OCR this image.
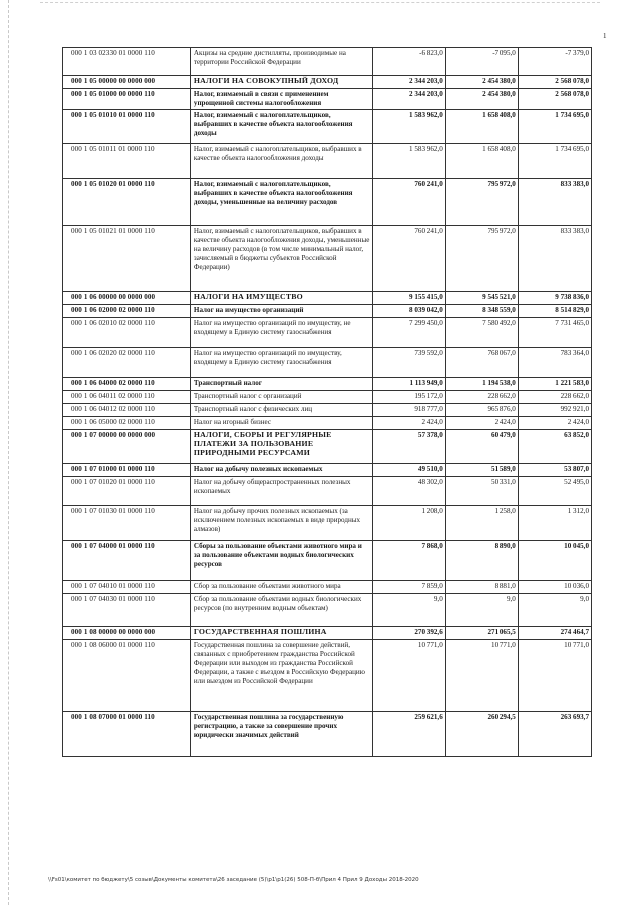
1
000 1 03 02330 01 0000 110	Акцизы на средние дистилляты, производимые на территории Российской Федерации	-6 823,0	-7 095,0	-7 379,0
000 1 05 00000 00 0000 000	НАЛОГИ НА СОВОКУПНЫЙ ДОХОД	2 344 203,0	2 454 380,0	2 568 078,0
000 1 05 01000 00 0000 110	Налог, взимаемый в связи с применением упрощенной системы налогообложения	2 344 203,0	2 454 380,0	2 568 078,0
000 1 05 01010 01 0000 110	Налог, взимаемый с налогоплательщиков, выбравших в качестве объекта налогообложения доходы	1 583 962,0	1 658 408,0	1 734 695,0
000 1 05 01011 01 0000 110	Налог, взимаемый с налогоплательщиков, выбравших в качестве объекта налогообложения доходы	1 583 962,0	1 658 408,0	1 734 695,0
000 1 05 01020 01 0000 110	Налог, взимаемый с налогоплательщиков, выбравших в качестве объекта налогообложения доходы, уменьшенные на величину расходов	760 241,0	795 972,0	833 383,0
000 1 05 01021 01 0000 110	Налог, взимаемый с налогоплательщиков, выбравших в качестве объекта налогообложения доходы, уменьшенные на величину расходов (в том числе минимальный налог, зачисляемый в бюджеты субъектов Российской Федерации)	760 241,0	795 972,0	833 383,0
000 1 06 00000 00 0000 000	НАЛОГИ НА ИМУЩЕСТВО	9 155 415,0	9 545 521,0	9 738 836,0
000 1 06 02000 02 0000 110	Налог на имущество организаций	8 039 042,0	8 348 559,0	8 514 829,0
000 1 06 02010 02 0000 110	Налог на имущество организаций по имуществу, не входящему в Единую систему газоснабжения	7 299 450,0	7 580 492,0	7 731 465,0
000 1 06 02020 02 0000 110	Налог на имущество организаций по имуществу, входящему в Единую систему газоснабжения	739 592,0	768 067,0	783 364,0
000 1 06 04000 02 0000 110	Транспортный налог	1 113 949,0	1 194 538,0	1 221 583,0
000 1 06 04011 02 0000 110	Транспортный налог с организаций	195 172,0	228 662,0	228 662,0
000 1 06 04012 02 0000 110	Транспортный налог с физических лиц	918 777,0	965 876,0	992 921,0
000 1 06 05000 02 0000 110	Налог на игорный бизнес	2 424,0	2 424,0	2 424,0
000 1 07 00000 00 0000 000	НАЛОГИ, СБОРЫ И РЕГУЛЯРНЫЕ ПЛАТЕЖИ ЗА ПОЛЬЗОВАНИЕ ПРИРОДНЫМИ РЕСУРСАМИ	57 378,0	60 479,0	63 852,0
000 1 07 01000 01 0000 110	Налог на добычу полезных ископаемых	49 510,0	51 589,0	53 807,0
000 1 07 01020 01 0000 110	Налог на добычу общераспространенных полезных ископаемых	48 302,0	50 331,0	52 495,0
000 1 07 01030 01 0000 110	Налог на добычу прочих полезных ископаемых (за исключением полезных ископаемых в виде природных алмазов)	1 208,0	1 258,0	1 312,0
000 1 07 04000 01 0000 110	Сборы за пользование объектами животного мира и за пользование объектами водных биологических ресурсов	7 868,0	8 890,0	10 045,0
000 1 07 04010 01 0000 110	Сбор за пользование объектами животного мира	7 859,0	8 881,0	10 036,0
000 1 07 04030 01 0000 110	Сбор за пользование объектами водных биологических ресурсов (по внутренним водным объектам)	9,0	9,0	9,0
000 1 08 00000 00 0000 000	ГОСУДАРСТВЕННАЯ ПОШЛИНА	270 392,6	271 065,5	274 464,7
000 1 08 06000 01 0000 110	Государственная пошлина за совершение действий, связанных с приобретением гражданства Российской Федерации или выходом из гражданства Российской Федерации, а также с въездом в Российскую Федерацию или выездом из Российской Федерации	10 771,0	10 771,0	10 771,0
000 1 08 07000 01 0000 110	Государственная пошлина за государственную регистрацию, а также за совершение прочих юридически значимых действий	259 621,6	260 294,5	263 693,7
\\Fs01\комитет по бюджету\5 созыв\Документы комитета\26 заседание (5)\р1\р1(26) 508-П-б\Прил 4 Прил 9 Доходы 2018-2020
